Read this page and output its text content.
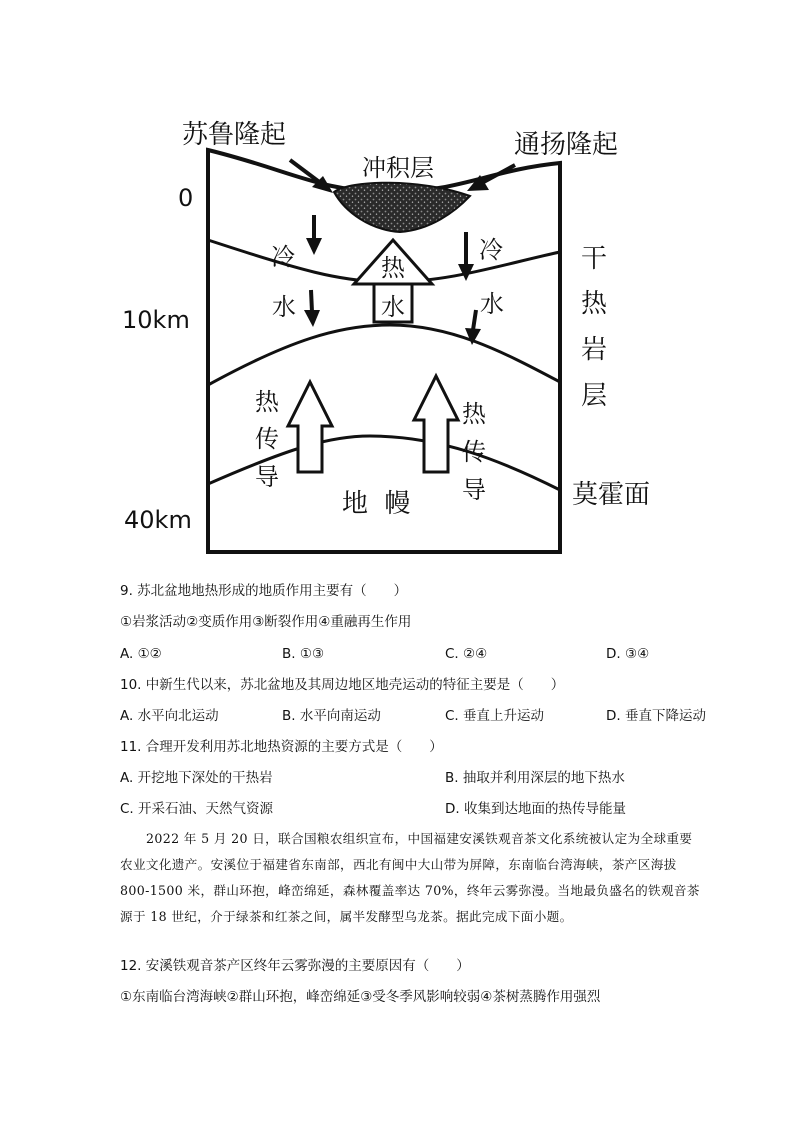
苏鲁隆起	通扬隆起
冲积层
0
10km
40km
冷
水
冷
水
热
水
干
热
岩
层
热
传
导
热
传
导	莫霍面
地  幔
9. 苏北盆地地热形成的地质作用主要有（　　）
①岩浆活动②变质作用③断裂作用④重融再生作用
A. ①②	B. ①③	C. ②④	D. ③④
10. 中新生代以来，苏北盆地及其周边地区地壳运动的特征主要是（　　）
A. 水平向北运动	B. 水平向南运动	C. 垂直上升运动	D. 垂直下降运动
11. 合理开发利用苏北地热资源的主要方式是（　　）
A. 开挖地下深处的干热岩	B. 抽取并利用深层的地下热水
C. 开采石油、天然气资源	D. 收集到达地面的热传导能量
2022 年 5 月 20 日，联合国粮农组织宣布，中国福建安溪铁观音茶文化系统被认定为全球重要
农业文化遗产。安溪位于福建省东南部，西北有闽中大山带为屏障，东南临台湾海峡，茶产区海拔
800-1500 米，群山环抱，峰峦绵延，森林覆盖率达 70%，终年云雾弥漫。当地最负盛名的铁观音茶
源于 18 世纪，介于绿茶和红茶之间，属半发酵型乌龙茶。据此完成下面小题。
12. 安溪铁观音茶产区终年云雾弥漫的主要原因有（　　）
①东南临台湾海峡②群山环抱，峰峦绵延③受冬季风影响较弱④茶树蒸腾作用强烈
